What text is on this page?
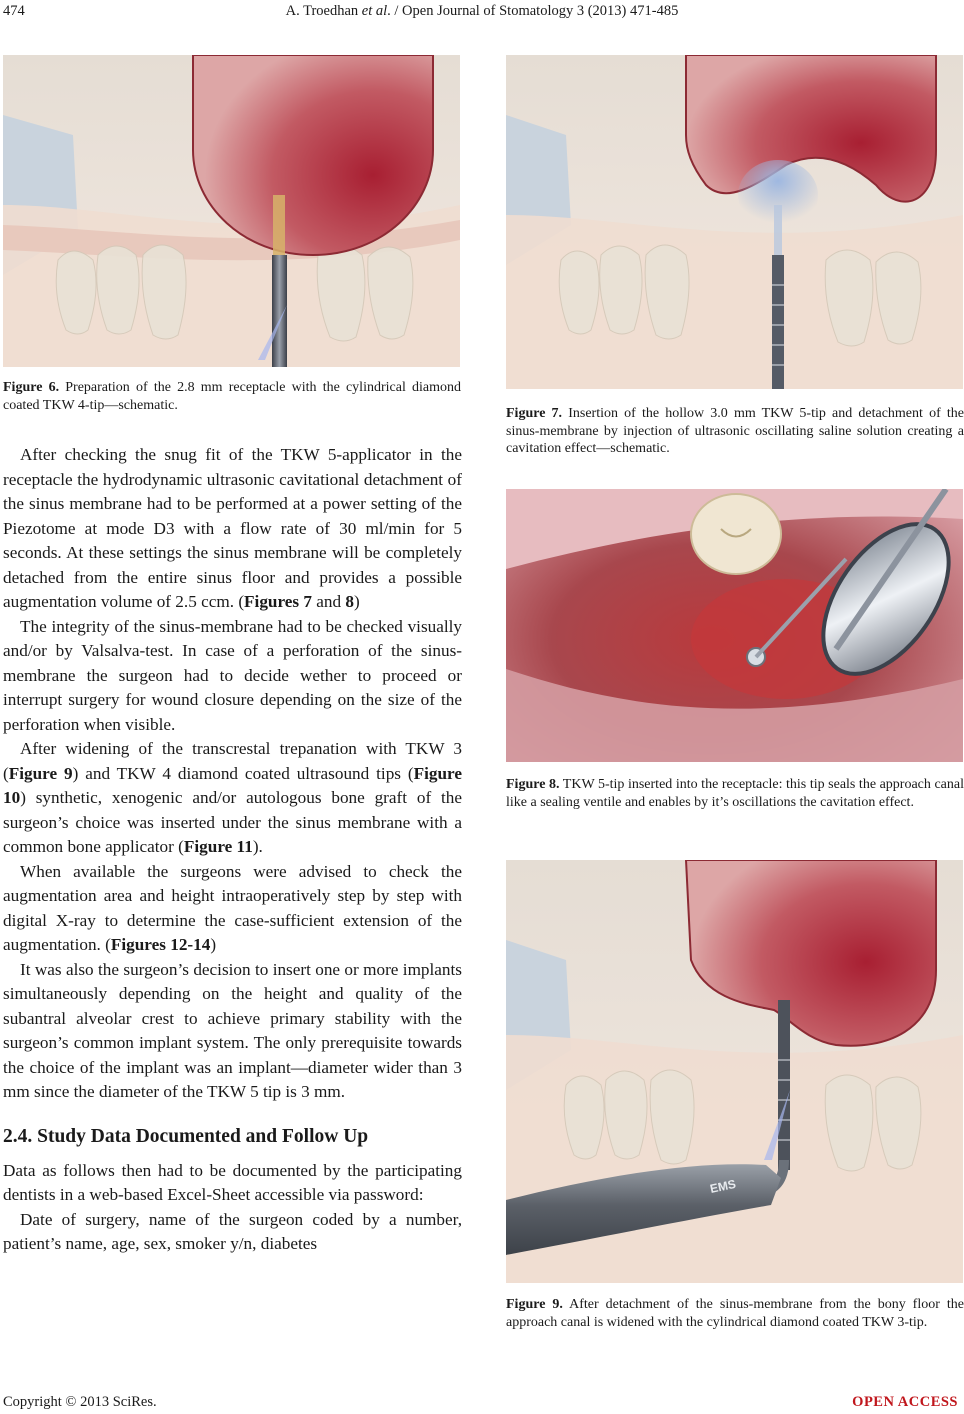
474	A. Troedhan et al. / Open Journal of Stomatology 3 (2013) 471-485
Figure 6. Preparation of the 2.8 mm receptacle with the cylindrical diamond coated TKW 4-tip—schematic.

After checking the snug fit of the TKW 5-applicator in the receptacle the hydrodynamic ultrasonic cavitational detachment of the sinus membrane had to be performed at a power setting of the Piezotome at mode D3 with a flow rate of 30 ml/min for 5 seconds. At these settings the sinus membrane will be completely detached from the entire sinus floor and provides a possible augmentation volume of 2.5 ccm. (Figures 7 and 8)

The integrity of the sinus-membrane had to be checked visually and/or by Valsalva-test. In case of a perforation of the sinus-membrane the surgeon had to decide wether to proceed or interrupt surgery for wound closure depending on the size of the perforation when visible.

After widening of the transcrestal trepanation with TKW 3 (Figure 9) and TKW 4 diamond coated ultrasound tips (Figure 10) synthetic, xenogenic and/or autologous bone graft of the surgeon’s choice was inserted under the sinus membrane with a common bone applicator (Figure 11).

When available the surgeons were advised to check the augmentation area and height intraoperatively step by step with digital X-ray to determine the case-sufficient extension of the augmentation. (Figures 12-14)

It was also the surgeon’s decision to insert one or more implants simultaneously depending on the height and quality of the subantral alveolar crest to achieve primary stability with the surgeon’s common implant system. The only prerequisite towards the choice of the implant was an implant—diameter wider than 3 mm since the diameter of the TKW 5 tip is 3 mm.

2.4. Study Data Documented and Follow Up

Data as follows then had to be documented by the participating dentists in a web-based Excel-Sheet accessible via password:

Date of surgery, name of the surgeon coded by a number, patient’s name, age, sex, smoker y/n, diabetes

Figure 7. Insertion of the hollow 3.0 mm TKW 5-tip and detachment of the sinus-membrane by injection of ultrasonic oscillating saline solution creating a cavitation effect—schematic.
Figure 8. TKW 5-tip inserted into the receptacle: this tip seals the approach canal like a sealing ventile and enables by it’s oscillations the cavitation effect.
EMS
Figure 9. After detachment of the sinus-membrane from the bony floor the approach canal is widened with the cylindrical diamond coated TKW 3-tip.
Copyright © 2013 SciRes.	OPEN ACCESS
